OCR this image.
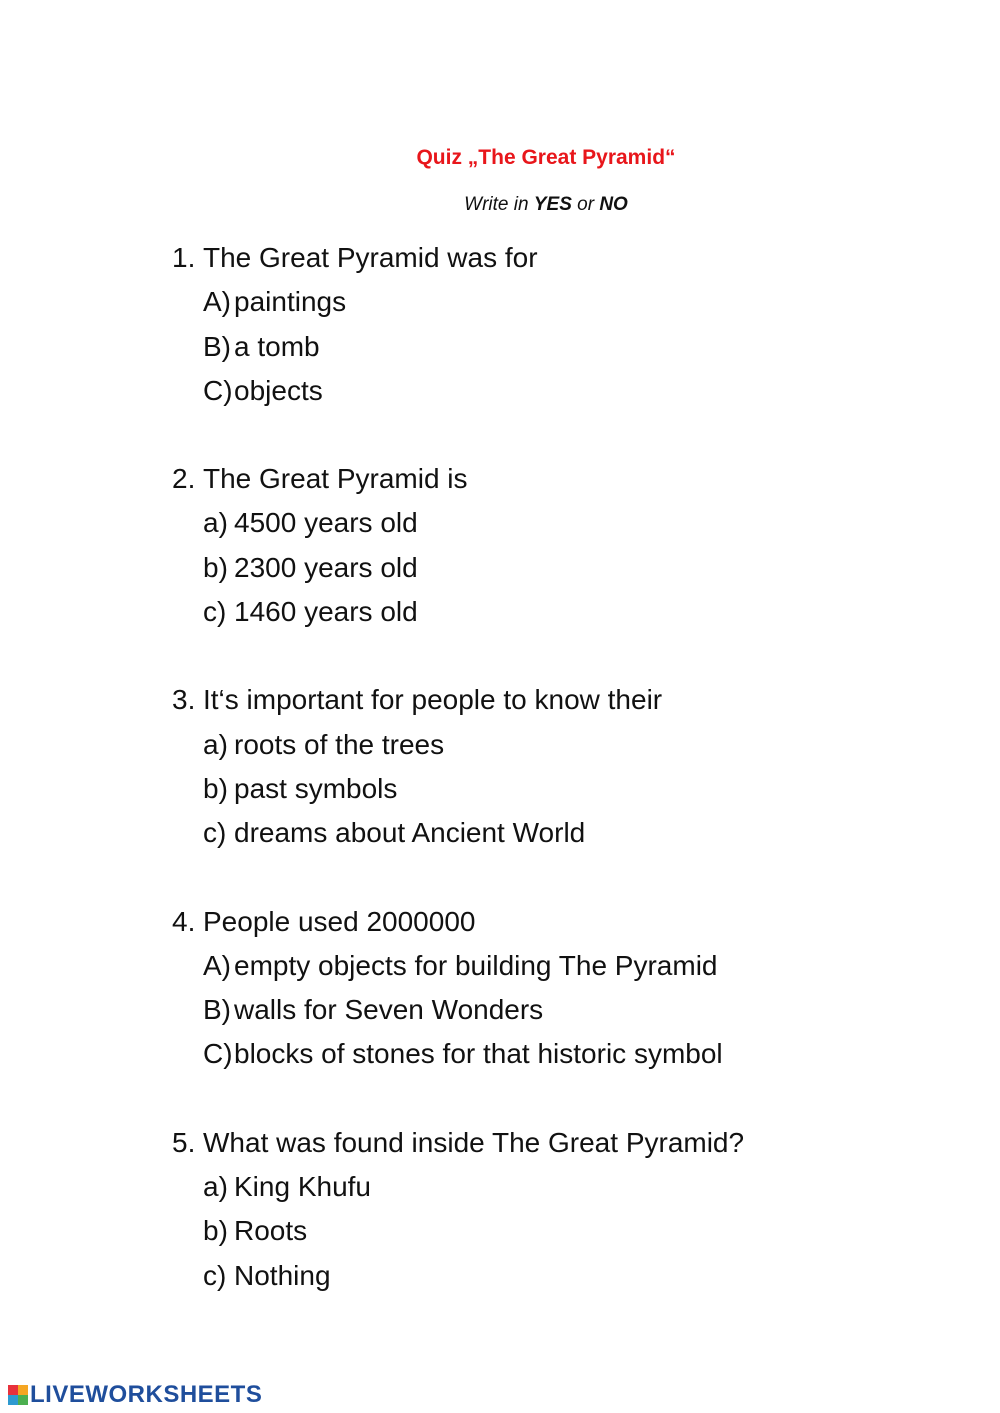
Quiz „The Great Pyramid“
Write in YES or NO
1. The Great Pyramid was for
A) paintings
B) a tomb
C) objects
2. The Great Pyramid is
a) 4500 years old
b) 2300 years old
c) 1460 years old
3. It‘s important for people to know their
a) roots of the trees
b) past symbols
c) dreams about Ancient World
4. People used 2000000
A) empty objects for building The Pyramid
B) walls for Seven Wonders
C) blocks of stones for that historic symbol
5. What was found inside The Great Pyramid?
a) King Khufu
b) Roots
c) Nothing
LIVEWORKSHEETS
